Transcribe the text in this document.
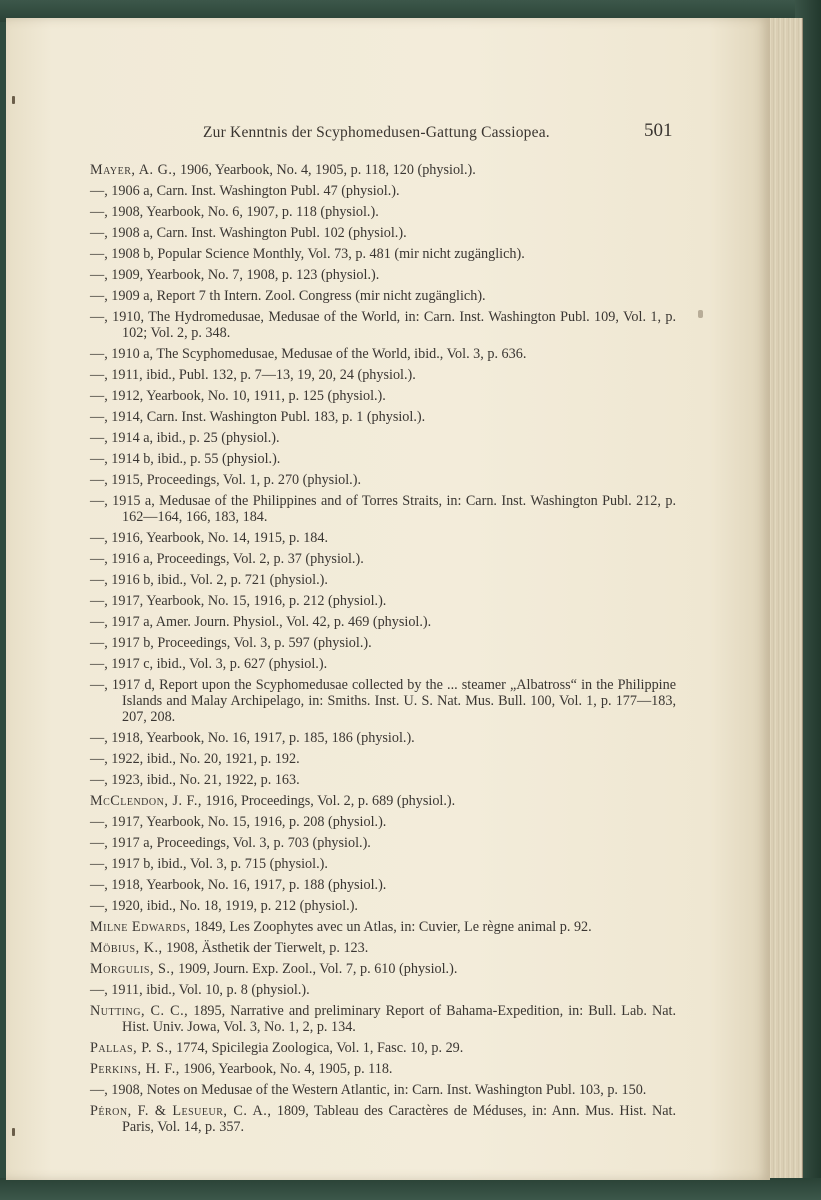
Zur Kenntnis der Scyphomedusen-Gattung Cassiopea.	501

Mayer, A. G., 1906, Yearbook, No. 4, 1905, p. 118, 120 (physiol.).

—, 1906 a, Carn. Inst. Washington Publ. 47 (physiol.).

—, 1908, Yearbook, No. 6, 1907, p. 118 (physiol.).

—, 1908 a, Carn. Inst. Washington Publ. 102 (physiol.).

—, 1908 b, Popular Science Monthly, Vol. 73, p. 481 (mir nicht zugänglich).

—, 1909, Yearbook, No. 7, 1908, p. 123 (physiol.).

—, 1909 a, Report 7 th Intern. Zool. Congress (mir nicht zugänglich).

—, 1910, The Hydromedusae, Medusae of the World, in: Carn. Inst. Washington Publ. 109, Vol. 1, p. 102; Vol. 2, p. 348.

—, 1910 a, The Scyphomedusae, Medusae of the World, ibid., Vol. 3, p. 636.

—, 1911, ibid., Publ. 132, p. 7—13, 19, 20, 24 (physiol.).

—, 1912, Yearbook, No. 10, 1911, p. 125 (physiol.).

—, 1914, Carn. Inst. Washington Publ. 183, p. 1 (physiol.).

—, 1914 a, ibid., p. 25 (physiol.).

—, 1914 b, ibid., p. 55 (physiol.).

—, 1915, Proceedings, Vol. 1, p. 270 (physiol.).

—, 1915 a, Medusae of the Philippines and of Torres Straits, in: Carn. Inst. Washington Publ. 212, p. 162—164, 166, 183, 184.

—, 1916, Yearbook, No. 14, 1915, p. 184.

—, 1916 a, Proceedings, Vol. 2, p. 37 (physiol.).

—, 1916 b, ibid., Vol. 2, p. 721 (physiol.).

—, 1917, Yearbook, No. 15, 1916, p. 212 (physiol.).

—, 1917 a, Amer. Journ. Physiol., Vol. 42, p. 469 (physiol.).

—, 1917 b, Proceedings, Vol. 3, p. 597 (physiol.).

—, 1917 c, ibid., Vol. 3, p. 627 (physiol.).

—, 1917 d, Report upon the Scyphomedusae collected by the ... steamer „Albatross“ in the Philippine Islands and Malay Archipelago, in: Smiths. Inst. U. S. Nat. Mus. Bull. 100, Vol. 1, p. 177—183, 207, 208.

—, 1918, Yearbook, No. 16, 1917, p. 185, 186 (physiol.).

—, 1922, ibid., No. 20, 1921, p. 192.

—, 1923, ibid., No. 21, 1922, p. 163.

McClendon, J. F., 1916, Proceedings, Vol. 2, p. 689 (physiol.).

—, 1917, Yearbook, No. 15, 1916, p. 208 (physiol.).

—, 1917 a, Proceedings, Vol. 3, p. 703 (physiol.).

—, 1917 b, ibid., Vol. 3, p. 715 (physiol.).

—, 1918, Yearbook, No. 16, 1917, p. 188 (physiol.).

—, 1920, ibid., No. 18, 1919, p. 212 (physiol.).

Milne Edwards, 1849, Les Zoophytes avec un Atlas, in: Cuvier, Le règne animal p. 92.

Möbius, K., 1908, Ästhetik der Tierwelt, p. 123.

Morgulis, S., 1909, Journ. Exp. Zool., Vol. 7, p. 610 (physiol.).

—, 1911, ibid., Vol. 10, p. 8 (physiol.).

Nutting, C. C., 1895, Narrative and preliminary Report of Bahama-Expedition, in: Bull. Lab. Nat. Hist. Univ. Jowa, Vol. 3, No. 1, 2, p. 134.

Pallas, P. S., 1774, Spicilegia Zoologica, Vol. 1, Fasc. 10, p. 29.

Perkins, H. F., 1906, Yearbook, No. 4, 1905, p. 118.

—, 1908, Notes on Medusae of the Western Atlantic, in: Carn. Inst. Washington Publ. 103, p. 150.

Péron, F. & Lesueur, C. A., 1809, Tableau des Caractères de Méduses, in: Ann. Mus. Hist. Nat. Paris, Vol. 14, p. 357.
